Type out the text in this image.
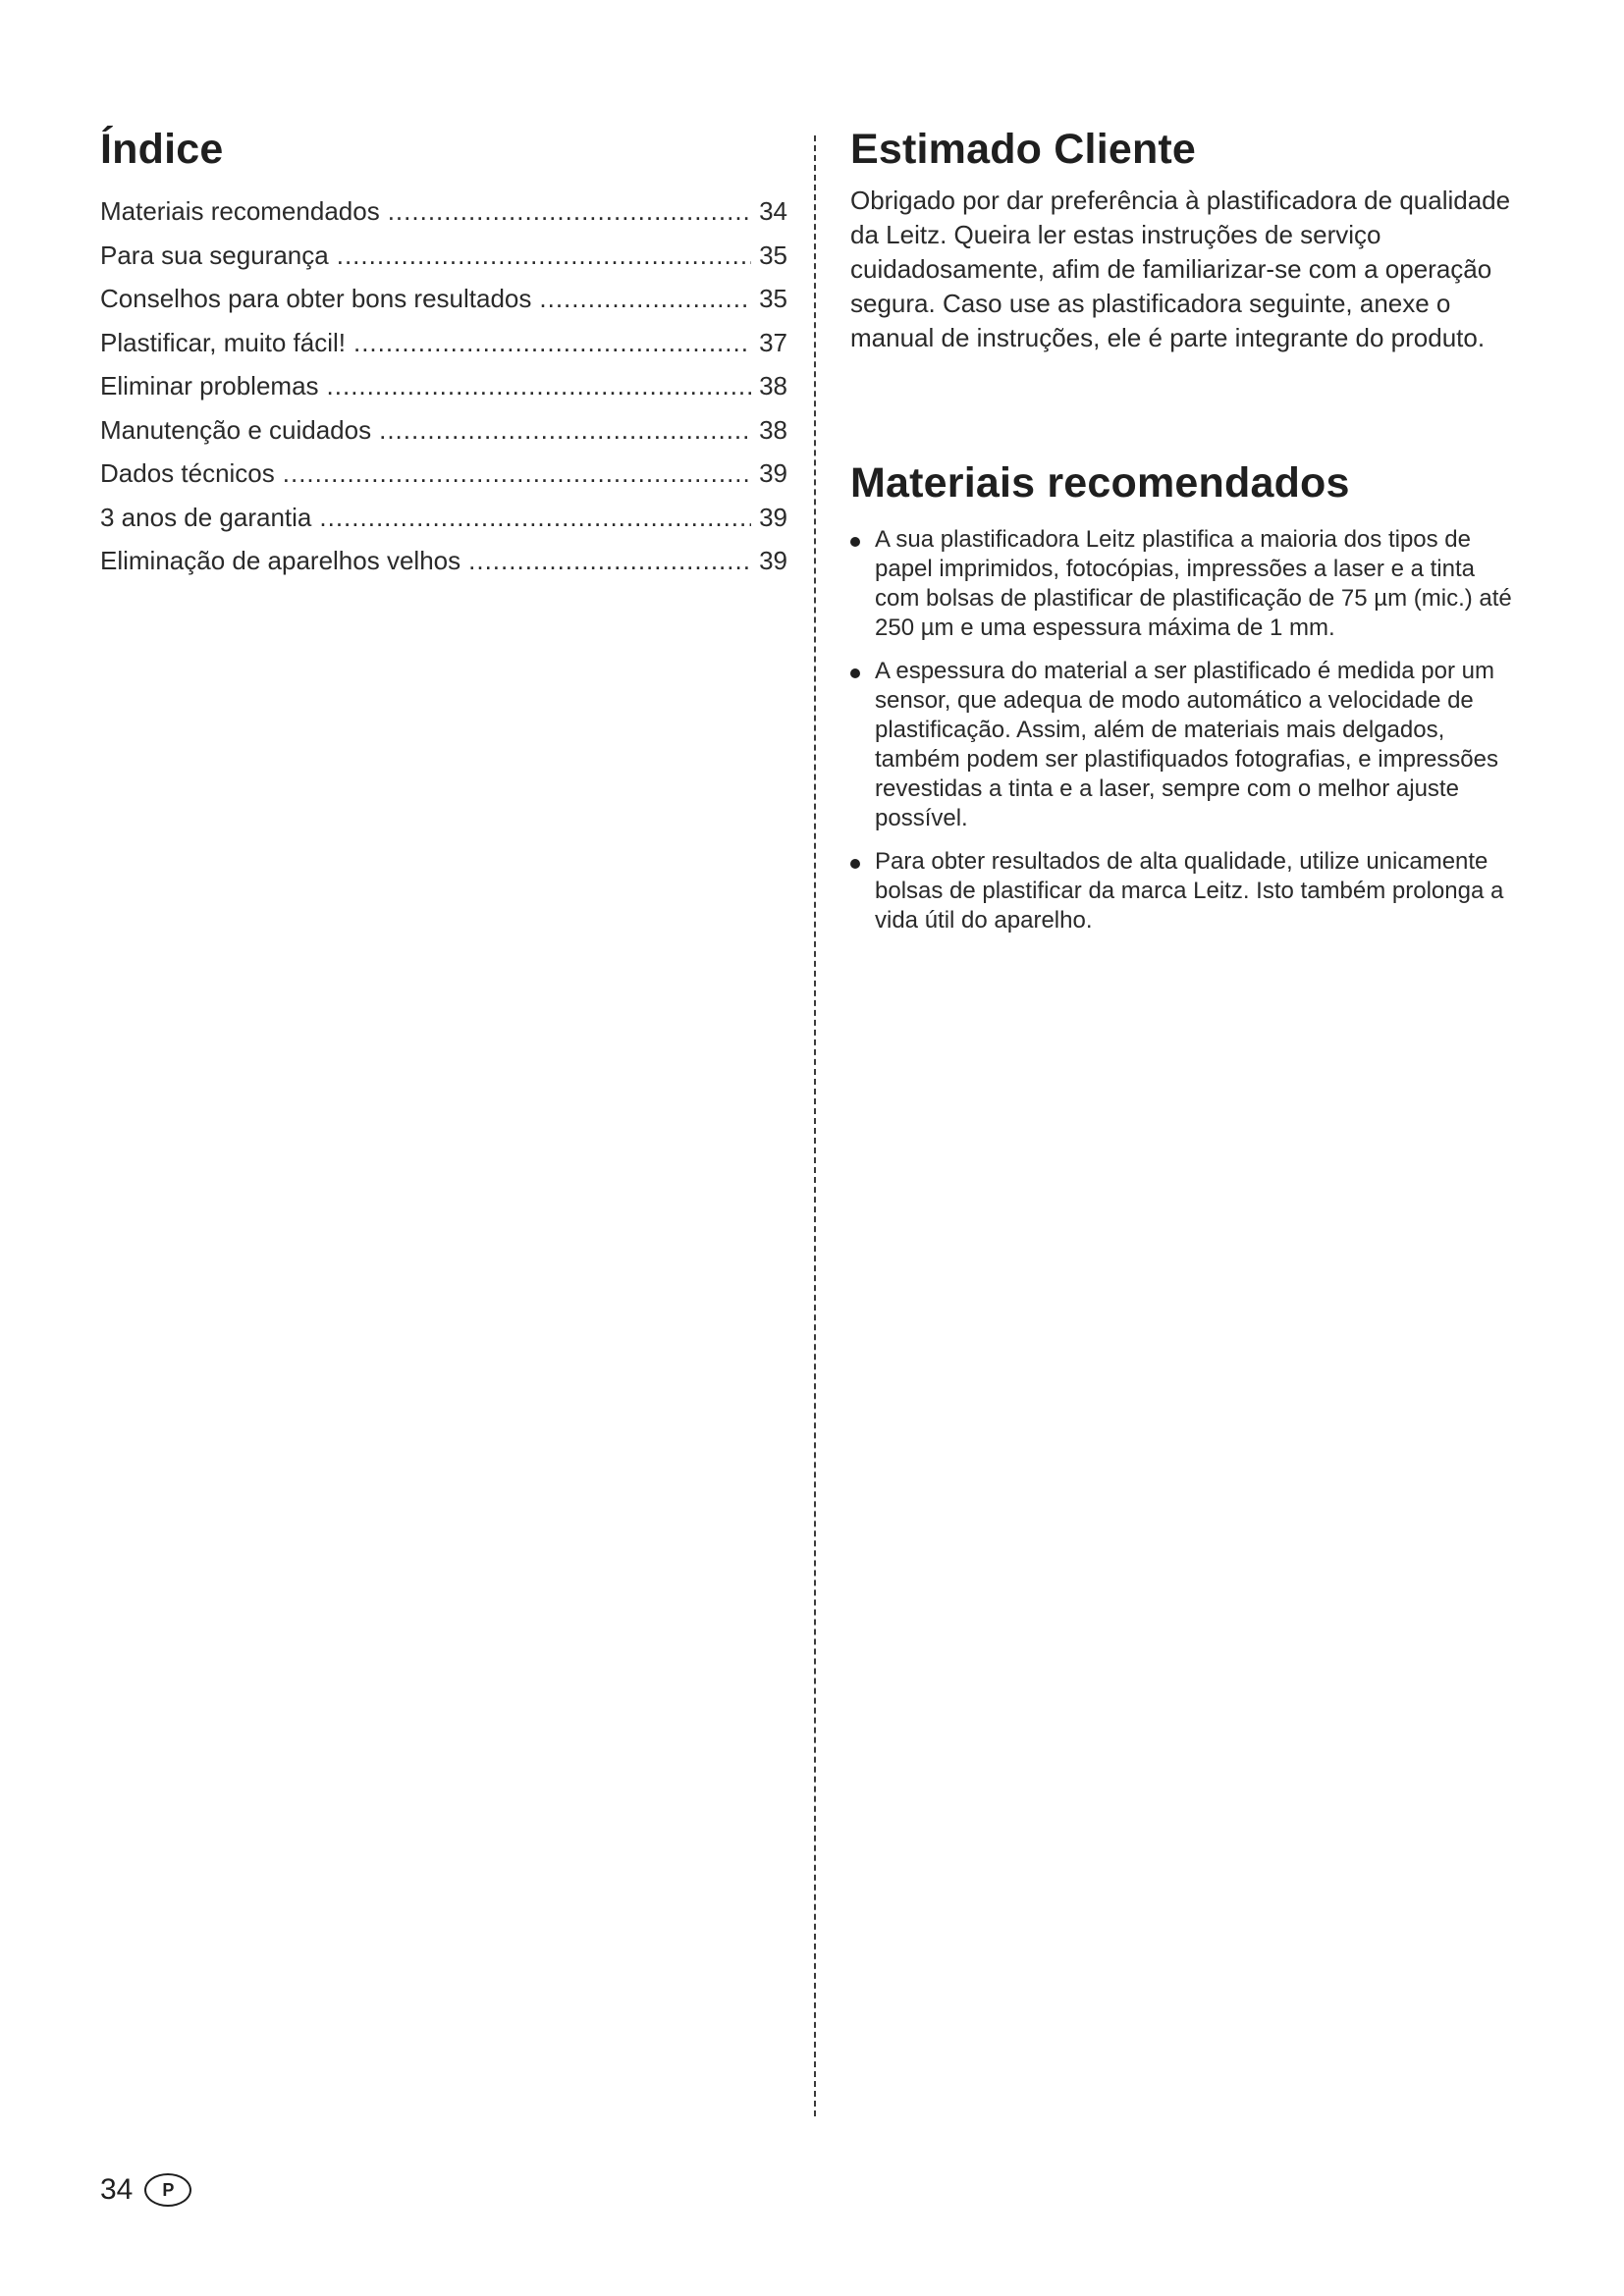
Índice
Materiais recomendados .....	34
Para sua segurança .....	35
Conselhos para obter bons resultados .....	35
Plastificar, muito fácil! .....	37
Eliminar problemas .....	38
Manutenção e cuidados .....	38
Dados técnicos .....	39
3 anos de garantia .....	39
Eliminação de aparelhos velhos .....	39
Estimado Cliente

Obrigado por dar preferência à plastificadora de qualidade da Leitz. Queira ler estas instruções de serviço cuidadosamente, afim de familiarizar-se com a operação segura. Caso use as plastificadora seguinte, anexe o manual de instruções, ele é parte integrante do produto.

Materiais recomendados
A sua plastificadora Leitz plastifica a maioria dos tipos de papel imprimidos, fotocópias, impressões a laser e a tinta com bolsas de plastificar de plastificação de 75 µm (mic.) até 250 µm e uma espessura máxima de 1 mm.
A espessura do material a ser plastificado é medida por um sensor, que adequa de modo automático a velocidade de plastificação. Assim, além de materiais mais delgados, também podem ser plastifiquados fotografias, e impressões revestidas a tinta e a laser, sempre com o melhor ajuste possível.
Para obter resultados de alta qualidade, utilize unicamente bolsas de plastificar da marca Leitz. Isto também prolonga a vida útil do aparelho.
34	P
